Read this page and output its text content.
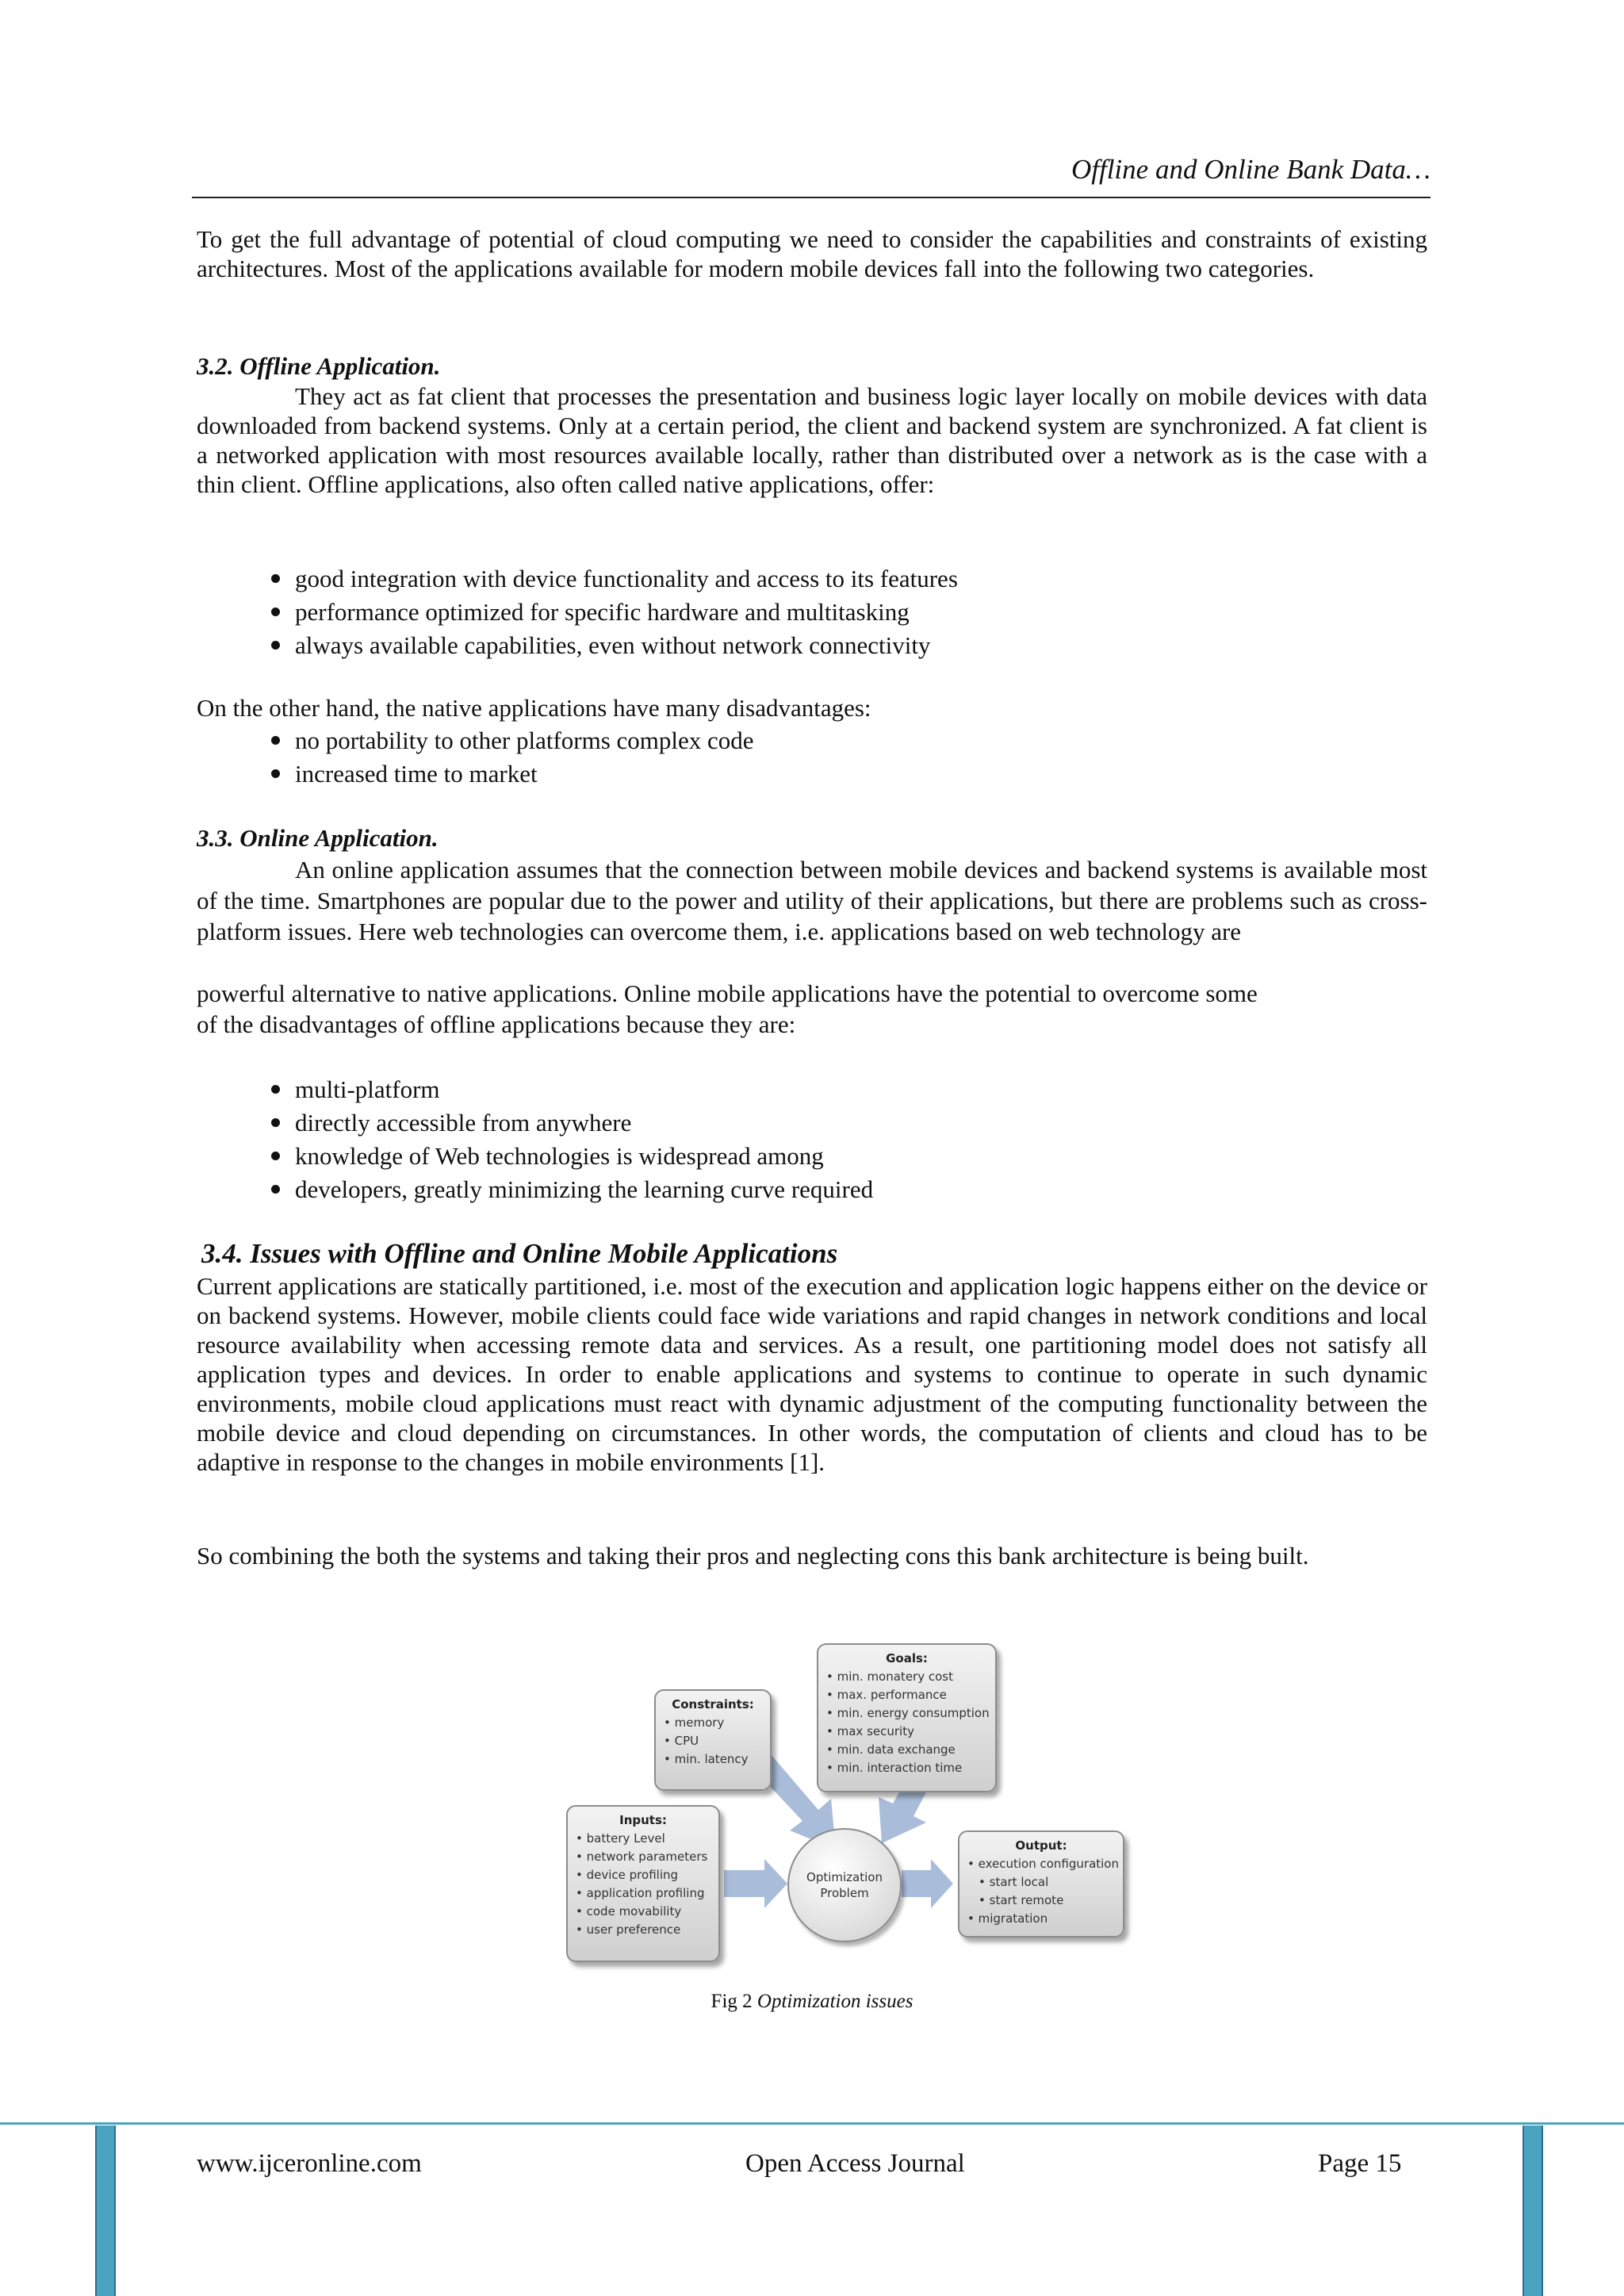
Offline and Online Bank Data…

To get the full advantage of potential of cloud computing we need to consider the capabilities and constraints of existing architectures. Most of the applications available for modern mobile devices fall into the following two categories.

3.2. Offline Application.

They act as fat client that processes the presentation and business logic layer locally on mobile devices with data downloaded from backend systems. Only at a certain period, the client and backend system are synchronized. A fat client is a networked application with most resources available locally, rather than distributed over a network as is the case with a thin client. Offline applications, also often called native applications, offer:

good integration with device functionality and access to its features
performance optimized for specific hardware and multitasking
always available capabilities, even without network connectivity

On the other hand, the native applications have many disadvantages:

no portability to other platforms complex code
increased time to market

3.3. Online Application.

An online application assumes that the connection between mobile devices and backend systems is available most of the time. Smartphones are popular due to the power and utility of their applications, but there are problems such as cross-platform issues. Here web technologies can overcome them, i.e. applications based on web technology are

powerful alternative to native applications. Online mobile applications have the potential to overcome some

of the disadvantages of offline applications because they are:

multi-platform
directly accessible from anywhere
knowledge of Web technologies is widespread among
developers, greatly minimizing the learning curve required

3.4. Issues with Offline and Online Mobile Applications

Current applications are statically partitioned, i.e. most of the execution and application logic happens either on the device or on backend systems. However, mobile clients could face wide variations and rapid changes in network conditions and local resource availability when accessing remote data and services. As a result, one partitioning model does not satisfy all application types and devices. In order to enable applications and systems to continue to operate in such dynamic environments, mobile cloud applications must react with dynamic adjustment of the computing functionality between the mobile device and cloud depending on circumstances. In other words, the computation of clients and cloud has to be adaptive in response to the changes in mobile environments [1].

So combining the both the systems and taking their pros and neglecting cons this bank architecture is being built.

Constraints:
• memory
• CPU
• min. latency
Goals:
• min. monatery cost
• max. performance
• min. energy consumption
• max security
• min. data exchange
• min. interaction time
Inputs:
• battery Level
• network parameters
• device profiling
• application profiling
• code movability
• user preference
Optimization
Problem
Output:
• execution configuration
• start local
• start remote
• migratation
Fig 2 Optimization issues
www.ijceronline.com	Open Access Journal	Page 15
